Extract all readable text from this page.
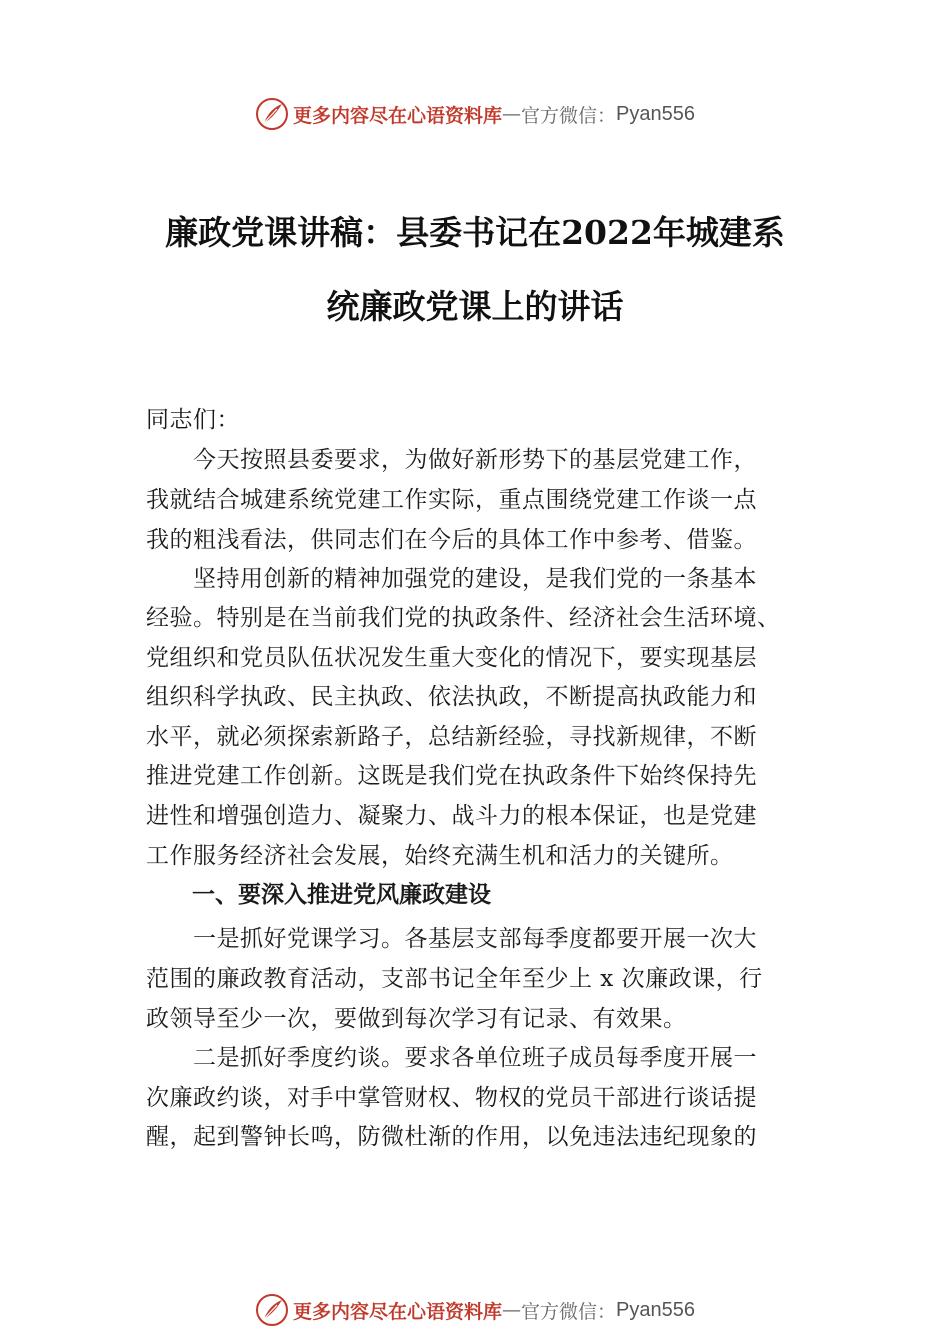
更多内容尽在心语资料库 — 官方微信： Pyan556
廉政党课讲稿：县委书记在2022年城建系
统廉政党课上的讲话
同志们：
　　今天按照县委要求，为做好新形势下的基层党建工作，
我就结合城建系统党建工作实际，重点围绕党建工作谈一点
我的粗浅看法，供同志们在今后的具体工作中参考、借鉴。
　　坚持用创新的精神加强党的建设，是我们党的一条基本
经验。特别是在当前我们党的执政条件、经济社会生活环境、
党组织和党员队伍状况发生重大变化的情况下，要实现基层
组织科学执政、民主执政、依法执政，不断提高执政能力和
水平，就必须探索新路子，总结新经验，寻找新规律，不断
推进党建工作创新。这既是我们党在执政条件下始终保持先
进性和增强创造力、凝聚力、战斗力的根本保证，也是党建
工作服务经济社会发展，始终充满生机和活力的关键所。
　　一、要深入推进党风廉政建设
　　一是抓好党课学习。各基层支部每季度都要开展一次大
范围的廉政教育活动，支部书记全年至少上 x 次廉政课，行
政领导至少一次，要做到每次学习有记录、有效果。
　　二是抓好季度约谈。要求各单位班子成员每季度开展一
次廉政约谈，对手中掌管财权、物权的党员干部进行谈话提
醒，起到警钟长鸣，防微杜渐的作用，以免违法违纪现象的
更多内容尽在心语资料库 — 官方微信： Pyan556
